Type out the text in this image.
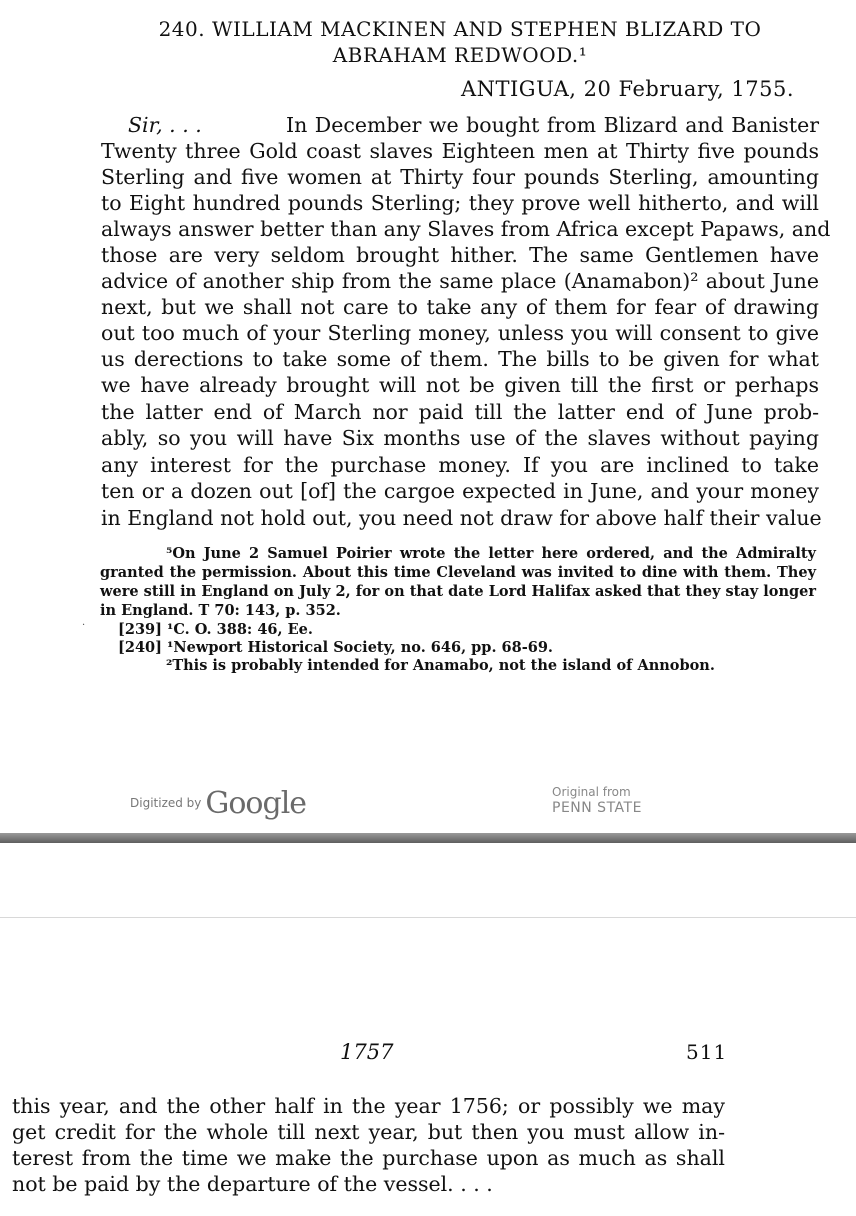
240. WILLIAM MACKINEN AND STEPHEN BLIZARD TO
ABRAHAM REDWOOD.¹
ANTIGUA, 20 February, 1755.
Sir, . . .	In December we bought from Blizard and Banister
Twenty three Gold coast slaves Eighteen men at Thirty five pounds
Sterling and five women at Thirty four pounds Sterling, amounting
to Eight hundred pounds Sterling; they prove well hitherto, and will
always answer better than any Slaves from Africa except Papaws, and
those are very seldom brought hither. The same Gentlemen have
advice of another ship from the same place (Anamabon)² about June
next, but we shall not care to take any of them for fear of drawing
out too much of your Sterling money, unless you will consent to give
us derections to take some of them. The bills to be given for what
we have already brought will not be given till the first or perhaps
the latter end of March nor paid till the latter end of June prob-
ably, so you will have Six months use of the slaves without paying
any interest for the purchase money. If you are inclined to take
ten or a dozen out [of] the cargoe expected in June, and your money
in England not hold out, you need not draw for above half their value
⁵On June 2 Samuel Poirier wrote the letter here ordered, and the Admiralty
granted the permission. About this time Cleveland was invited to dine with them. They
were still in England on July 2, for on that date Lord Halifax asked that they stay longer
in England. T 70: 143, p. 352.
· [239] ¹C. O. 388: 46, Ee.
[240] ¹Newport Historical Society, no. 646, pp. 68-69.
²This is probably intended for Anamabo, not the island of Annobon.
Digitized by Google	Original from
PENN STATE
1757	511
this year, and the other half in the year 1756; or possibly we may
get credit for the whole till next year, but then you must allow in-
terest from the time we make the purchase upon as much as shall
not be paid by the departure of the vessel. . . .
